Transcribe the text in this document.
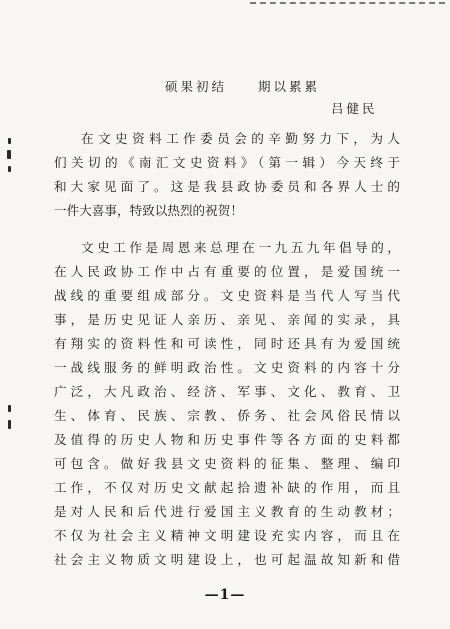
硕果初结　　期以累累
吕健民
在文史资料工作委员会的辛勤努力下，为人
们关切的《南汇文史资料》（第一辑）今天终于
和大家见面了。这是我县政协委员和各界人士的
一件大喜事，特致以热烈的祝贺！
文史工作是周恩来总理在一九五九年倡导的，
在人民政协工作中占有重要的位置，是爱国统一
战线的重要组成部分。文史资料是当代人写当代
事，是历史见证人亲历、亲见、亲闻的实录，具
有翔实的资料性和可读性，同时还具有为爱国统
一战线服务的鲜明政治性。文史资料的内容十分
广泛，大凡政治、经济、军事、文化、教育、卫
生、体育、民族、宗教、侨务、社会风俗民情以
及值得的历史人物和历史事件等各方面的史料都
可包含。做好我县文史资料的征集、整理、编印
工作，不仅对历史文献起拾遗补缺的作用，而且
是对人民和后代进行爱国主义教育的生动教材；
不仅为社会主义精神文明建设充实内容，而且在
社会主义物质文明建设上，也可起温故知新和借
—1—
